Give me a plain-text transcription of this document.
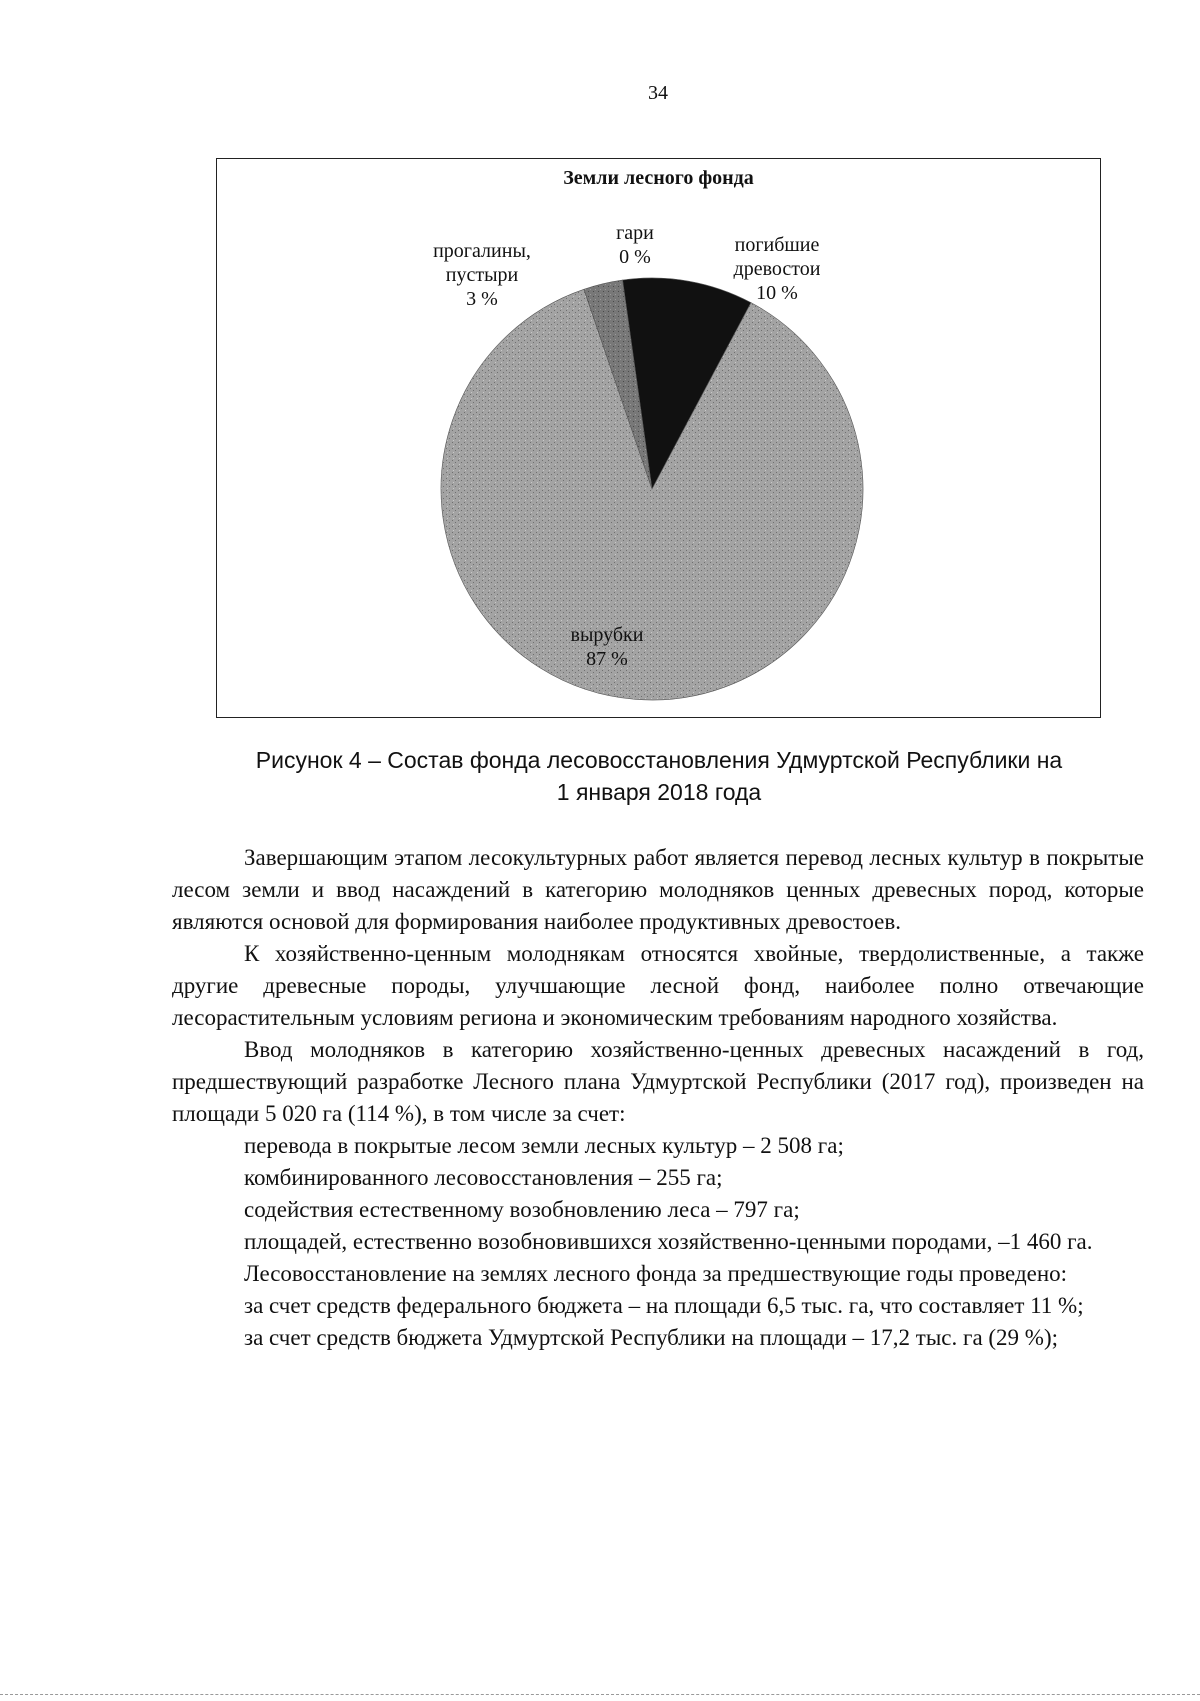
34
Земли лесного фонда
гари
0 %
погибшие
древостои
10 %
прогалины,
пустыри
3 %
вырубки
87 %
Рисунок 4 – Состав фонда лесовосстановления Удмуртской Республики на
1 января 2018 года

Завершающим этапом лесокультурных работ является перевод лесных культур в покрытые лесом земли и ввод насаждений в категорию молодняков ценных древесных пород, которые являются основой для формирования наиболее продуктивных древостоев.

К хозяйственно-ценным молоднякам относятся хвойные, твердолиственные, а также другие древесные породы, улучшающие лесной фонд, наиболее полно отвечающие лесорастительным условиям региона и экономическим требованиям народного хозяйства.

Ввод молодняков в категорию хозяйственно-ценных древесных насаждений в год, предшествующий разработке Лесного плана Удмуртской Республики (2017 год), произведен на площади 5 020 га (114 %), в том числе за счет:

перевода в покрытые лесом земли лесных культур – 2 508 га;

комбинированного лесовосстановления – 255 га;

содействия естественному возобновлению леса – 797 га;

площадей, естественно возобновившихся хозяйственно-ценными породами, –1 460 га.

Лесовосстановление на землях лесного фонда за предшествующие годы проведено:

за счет средств федерального бюджета – на площади 6,5 тыс. га, что составляет 11 %;

за счет средств бюджета Удмуртской Республики на площади – 17,2 тыс. га (29 %);
